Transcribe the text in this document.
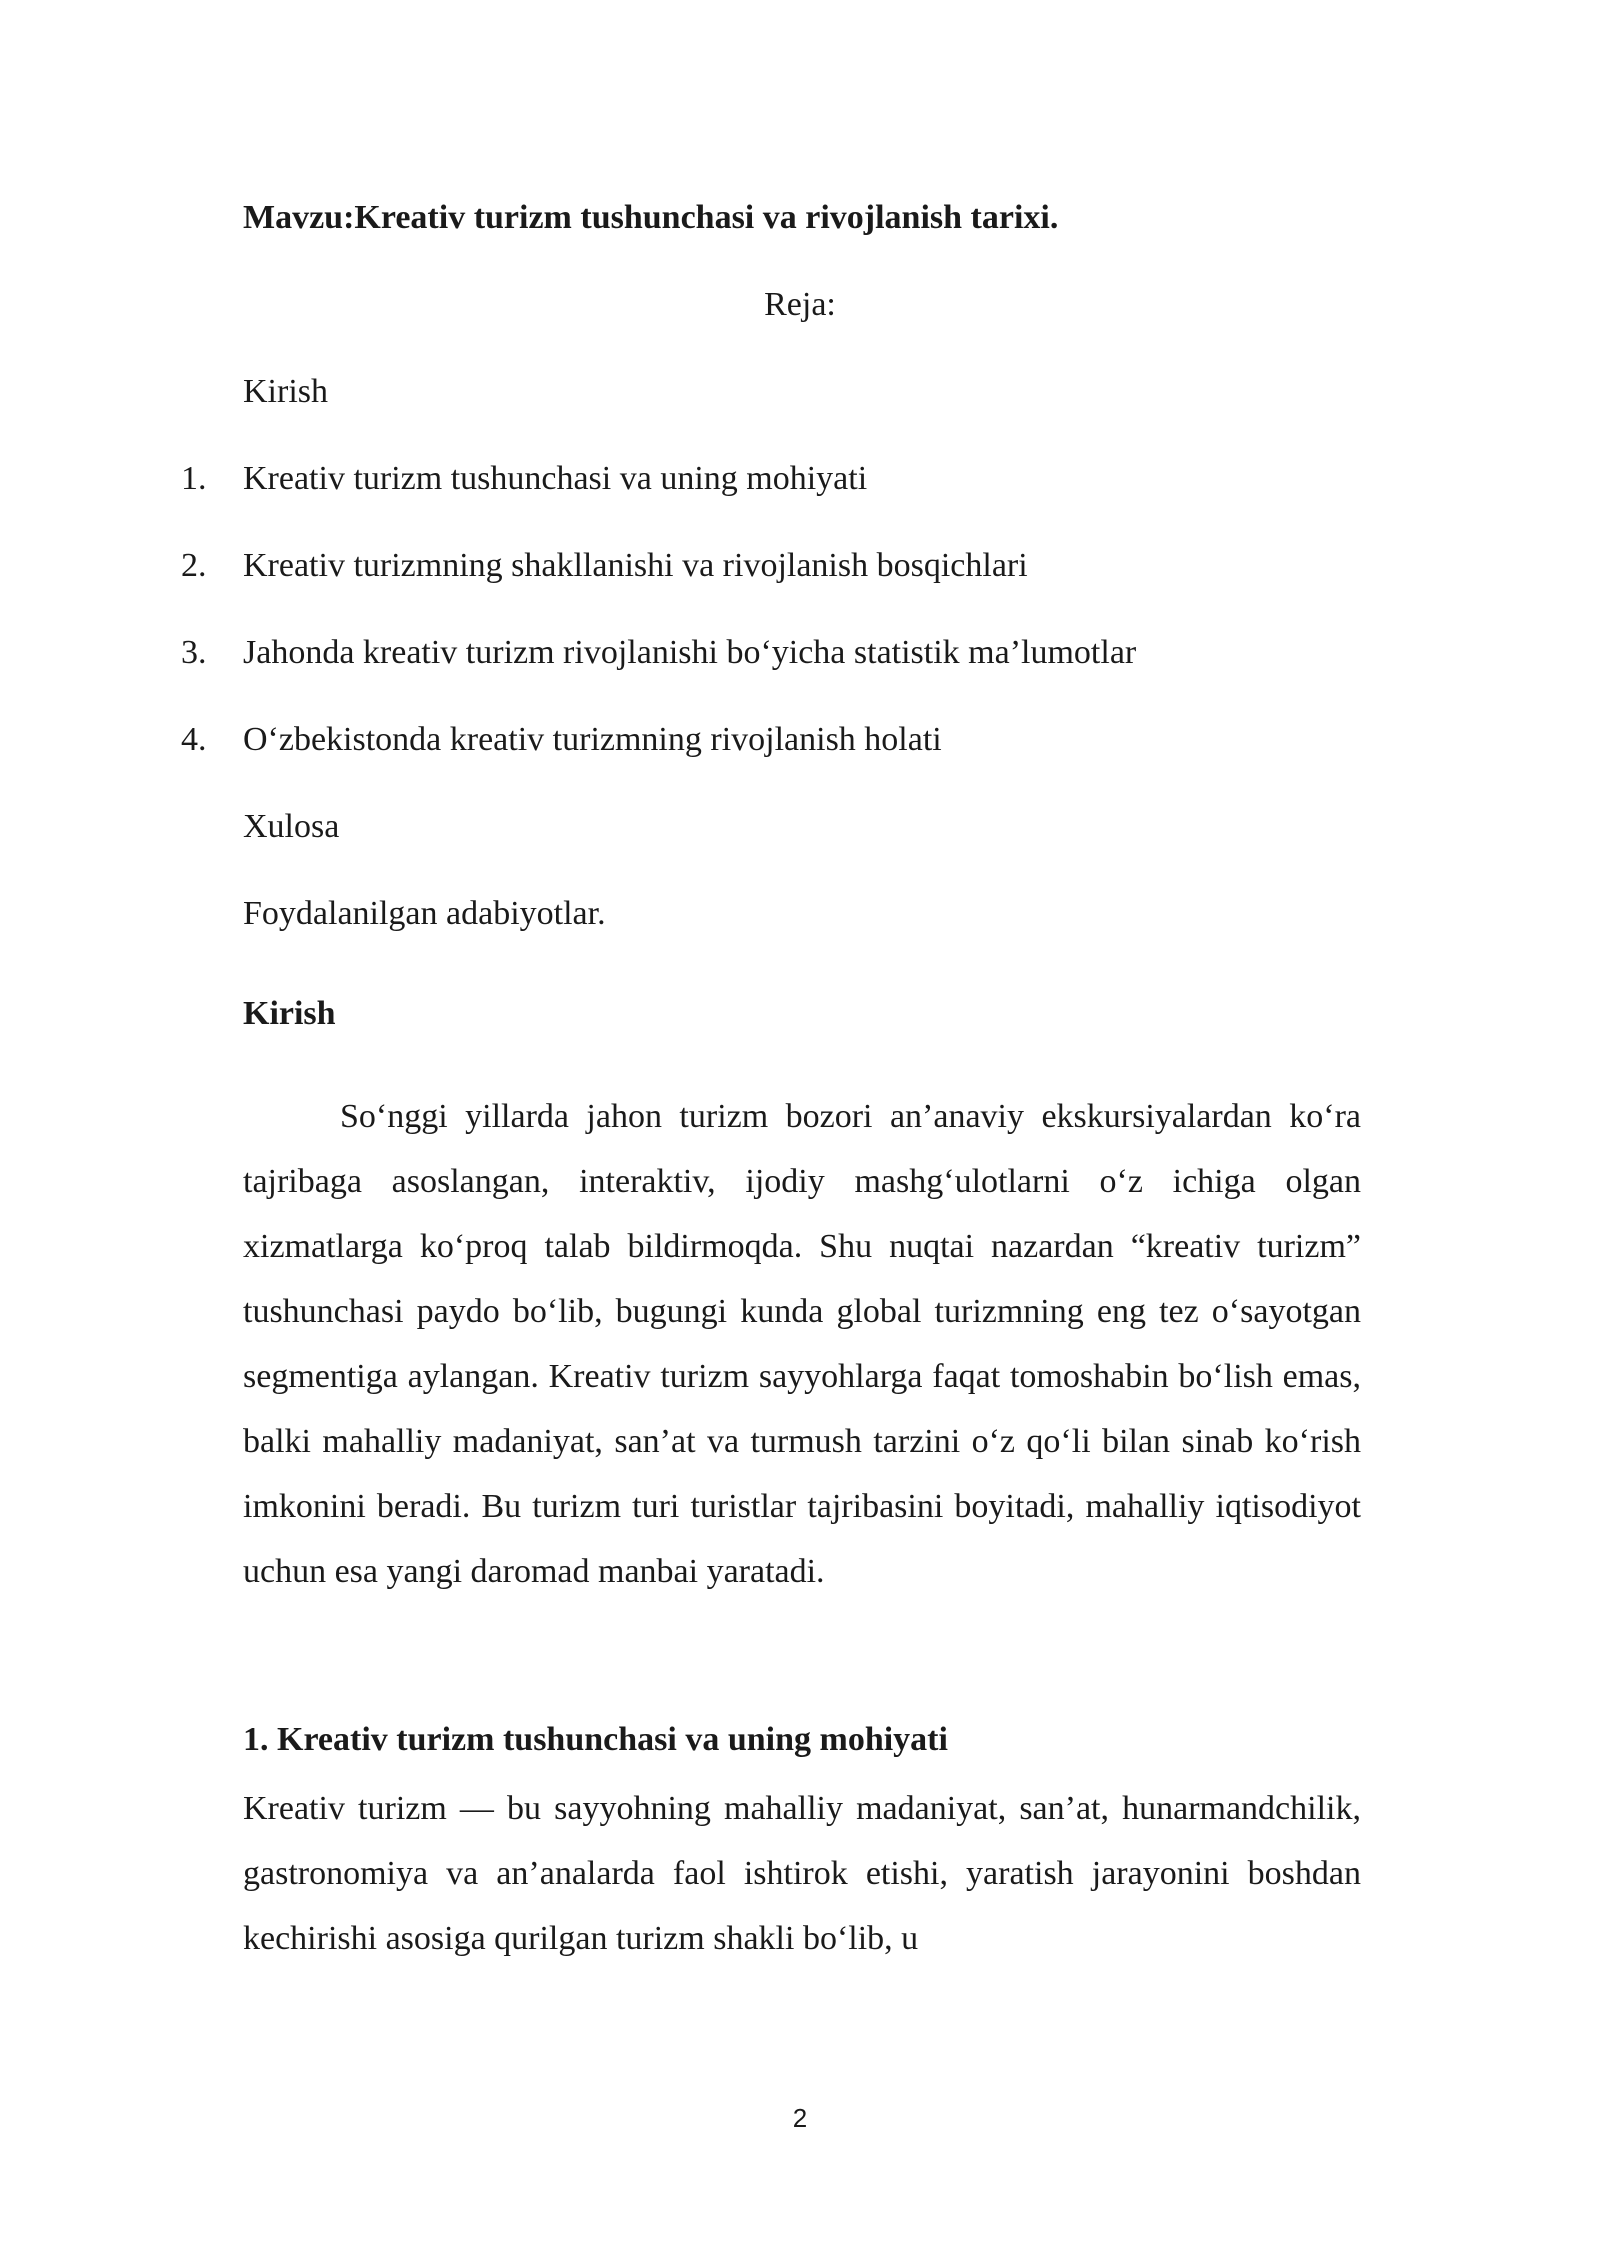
Mavzu:Kreativ turizm tushunchasi va rivojlanish tarixi.
Reja:
Kirish
1. Kreativ turizm tushunchasi va uning mohiyati
2. Kreativ turizmning shakllanishi va rivojlanish bosqichlari
3. Jahonda kreativ turizm rivojlanishi bo‘yicha statistik ma’lumotlar
4. O‘zbekistonda kreativ turizmning rivojlanish holati
Xulosa
Foydalanilgan adabiyotlar.
Kirish
So‘nggi yillarda jahon turizm bozori an’anaviy ekskursiyalardan ko‘ra tajribaga asoslangan, interaktiv, ijodiy mashg‘ulotlarni o‘z ichiga olgan xizmatlarga ko‘proq talab bildirmoqda. Shu nuqtai nazardan “kreativ turizm” tushunchasi paydo bo‘lib, bugungi kunda global turizmning eng tez o‘sayotgan segmentiga aylangan. Kreativ turizm sayyohlarga faqat tomoshabin bo‘lish emas, balki mahalliy madaniyat, san’at va turmush tarzini o‘z qo‘li bilan sinab ko‘rish imkonini beradi. Bu turizm turi turistlar tajribasini boyitadi, mahalliy iqtisodiyot uchun esa yangi daromad manbai yaratadi.
1. Kreativ turizm tushunchasi va uning mohiyati
Kreativ turizm — bu sayyohning mahalliy madaniyat, san’at, hunarmandchilik, gastronomiya va an’analarda faol ishtirok etishi, yaratish jarayonini boshdan kechirishi asosiga qurilgan turizm shakli bo‘lib, u
2
